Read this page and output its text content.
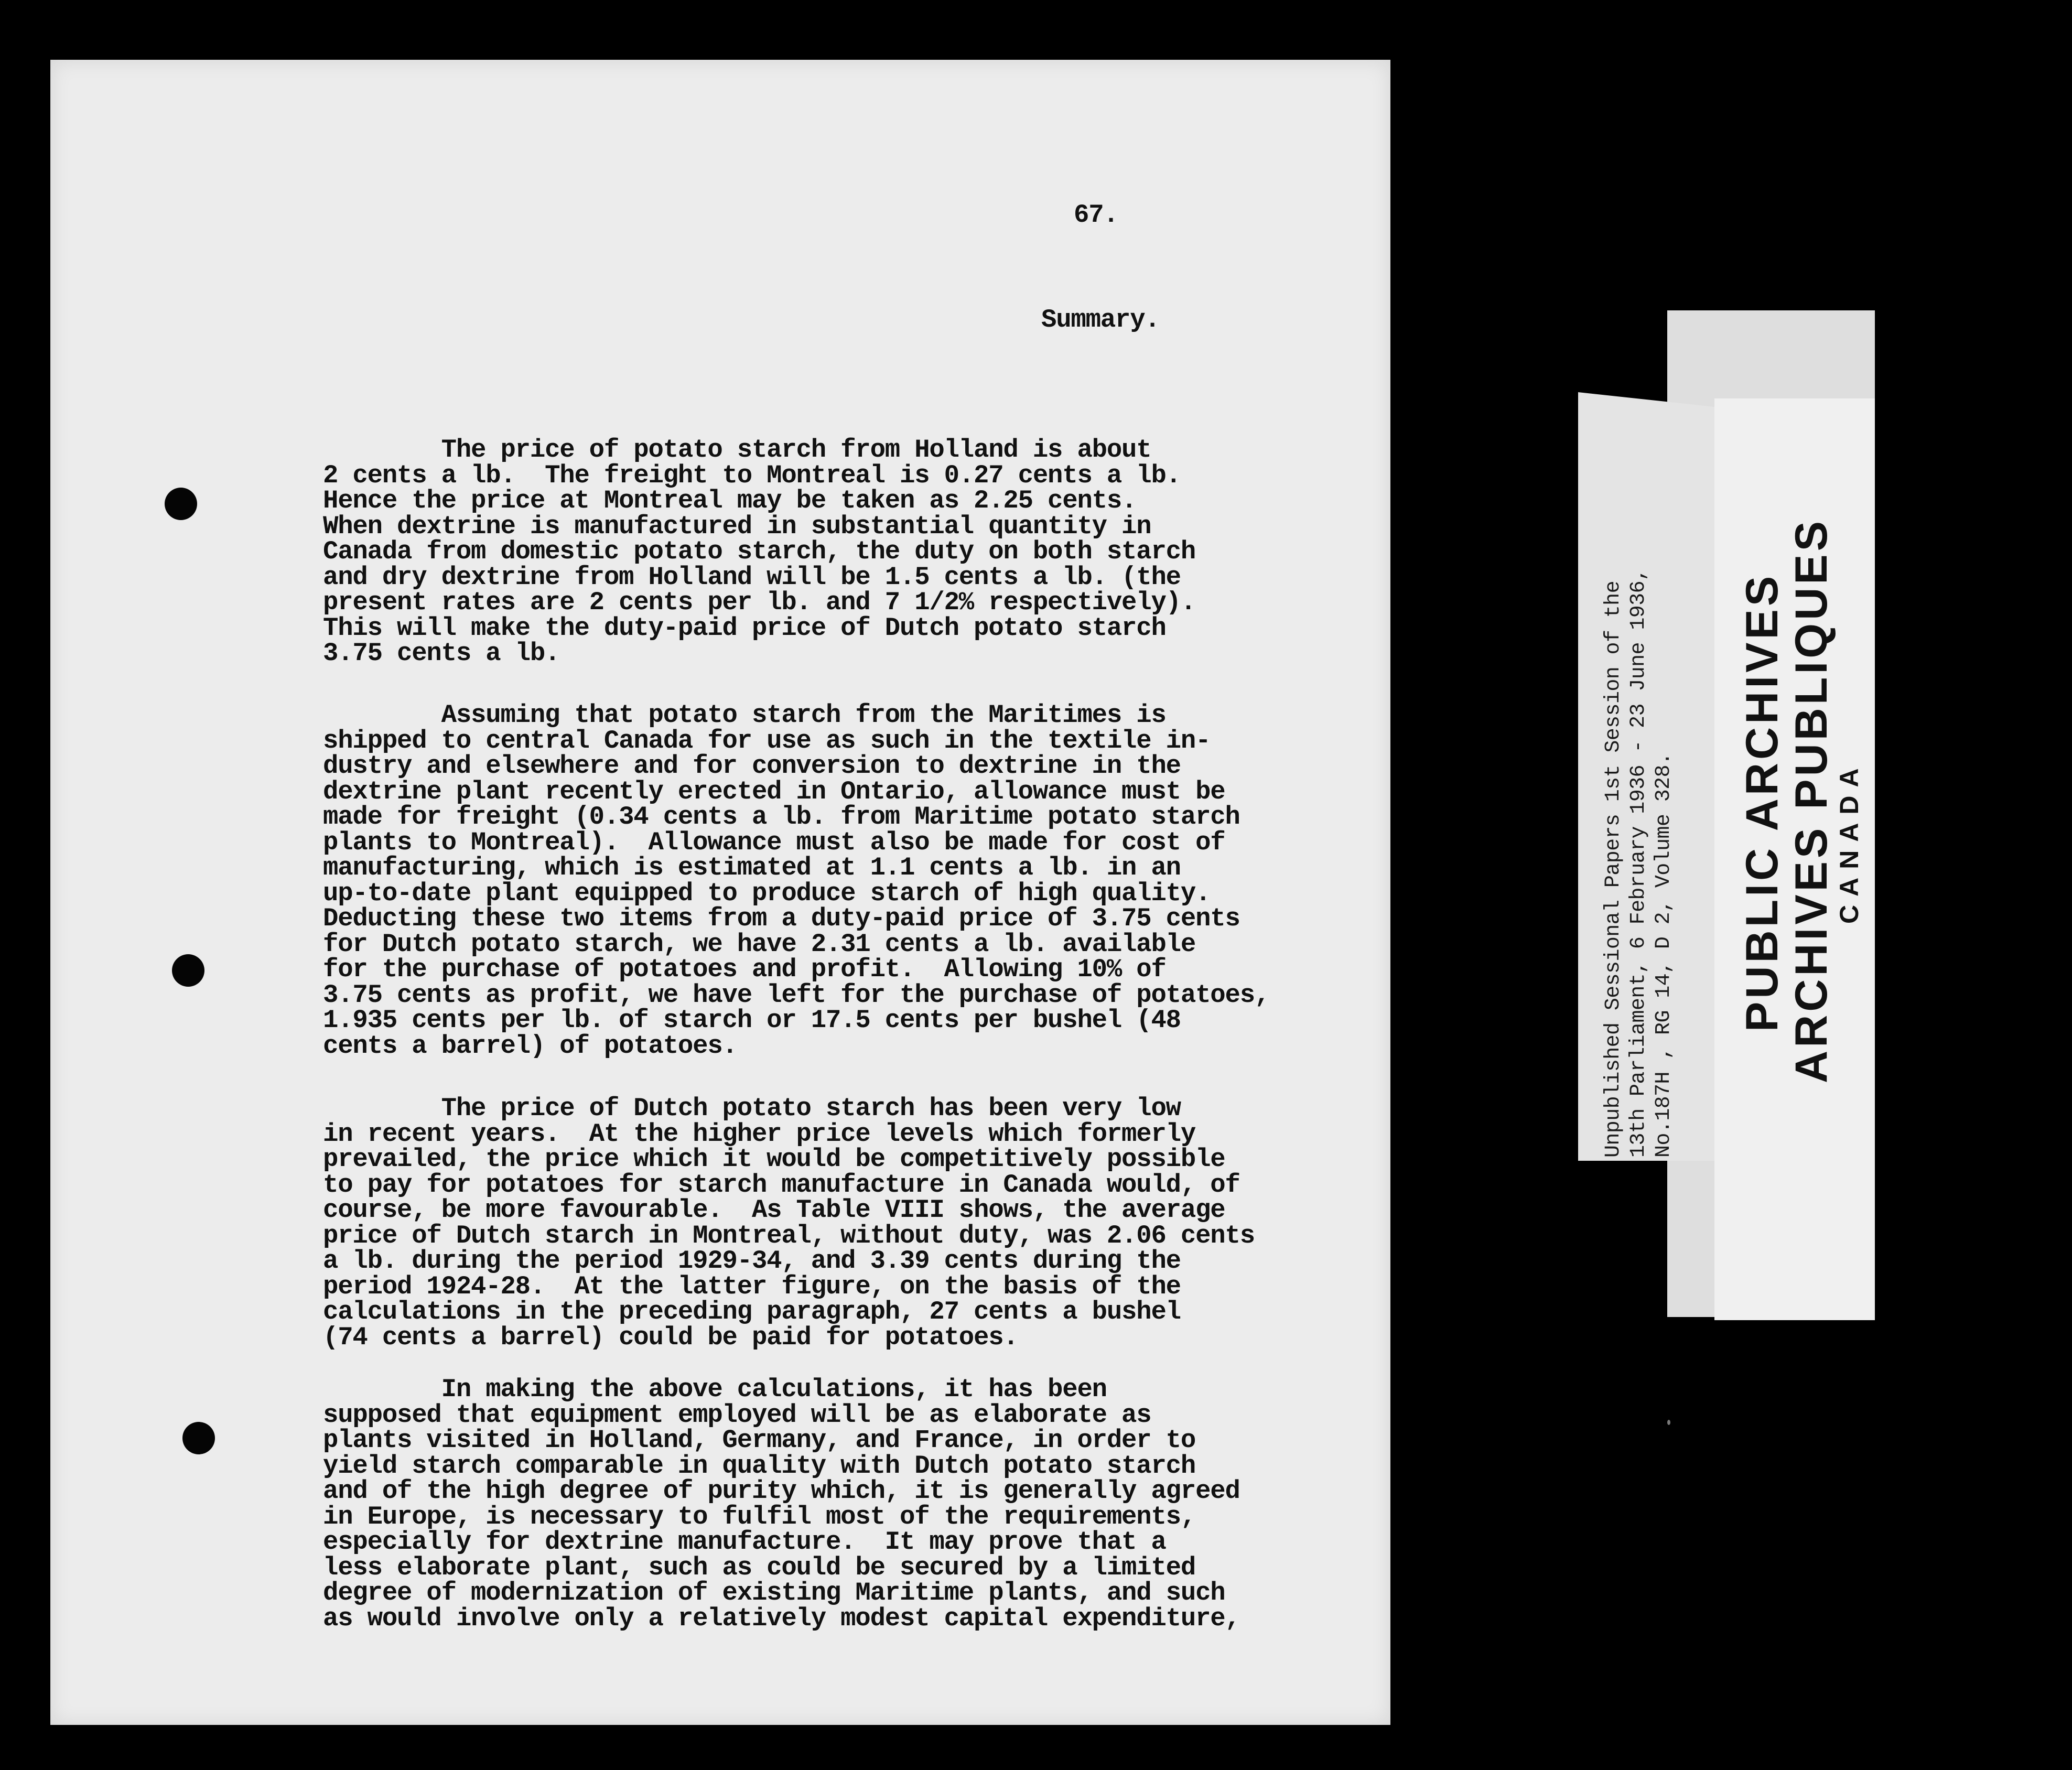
67.
Summary.

The price of potato starch from Holland is about
2 cents a lb.  The freight to Montreal is 0.27 cents a lb.
Hence the price at Montreal may be taken as 2.25 cents.
When dextrine is manufactured in substantial quantity in
Canada from domestic potato starch, the duty on both starch
and dry dextrine from Holland will be 1.5 cents a lb. (the
present rates are 2 cents per lb. and 7 1/2% respectively).
This will make the duty-paid price of Dutch potato starch
3.75 cents a lb.

Assuming that potato starch from the Maritimes is
shipped to central Canada for use as such in the textile in-
dustry and elsewhere and for conversion to dextrine in the
dextrine plant recently erected in Ontario, allowance must be
made for freight (0.34 cents a lb. from Maritime potato starch
plants to Montreal).  Allowance must also be made for cost of
manufacturing, which is estimated at 1.1 cents a lb. in an
up-to-date plant equipped to produce starch of high quality.
Deducting these two items from a duty-paid price of 3.75 cents
for Dutch potato starch, we have 2.31 cents a lb. available
for the purchase of potatoes and profit.  Allowing 10% of
3.75 cents as profit, we have left for the purchase of potatoes,
1.935 cents per lb. of starch or 17.5 cents per bushel (48
cents a barrel) of potatoes.

The price of Dutch potato starch has been very low
in recent years.  At the higher price levels which formerly
prevailed, the price which it would be competitively possible
to pay for potatoes for starch manufacture in Canada would, of
course, be more favourable.  As Table VIII shows, the average
price of Dutch starch in Montreal, without duty, was 2.06 cents
a lb. during the period 1929-34, and 3.39 cents during the
period 1924-28.  At the latter figure, on the basis of the
calculations in the preceding paragraph, 27 cents a bushel
(74 cents a barrel) could be paid for potatoes.

In making the above calculations, it has been
supposed that equipment employed will be as elaborate as
plants visited in Holland, Germany, and France, in order to
yield starch comparable in quality with Dutch potato starch
and of the high degree of purity which, it is generally agreed
in Europe, is necessary to fulfil most of the requirements,
especially for dextrine manufacture.  It may prove that a
less elaborate plant, such as could be secured by a limited
degree of modernization of existing Maritime plants, and such
as would involve only a relatively modest capital expenditure,

Unpublished Sessional Papers 1st Session of the
13th Parliament, 6 February 1936 - 23 June 1936,
No.187H , RG 14, D 2, Volume 328. PUBLIC ARCHIVES
ARCHIVES PUBLIQUES
CANADA
